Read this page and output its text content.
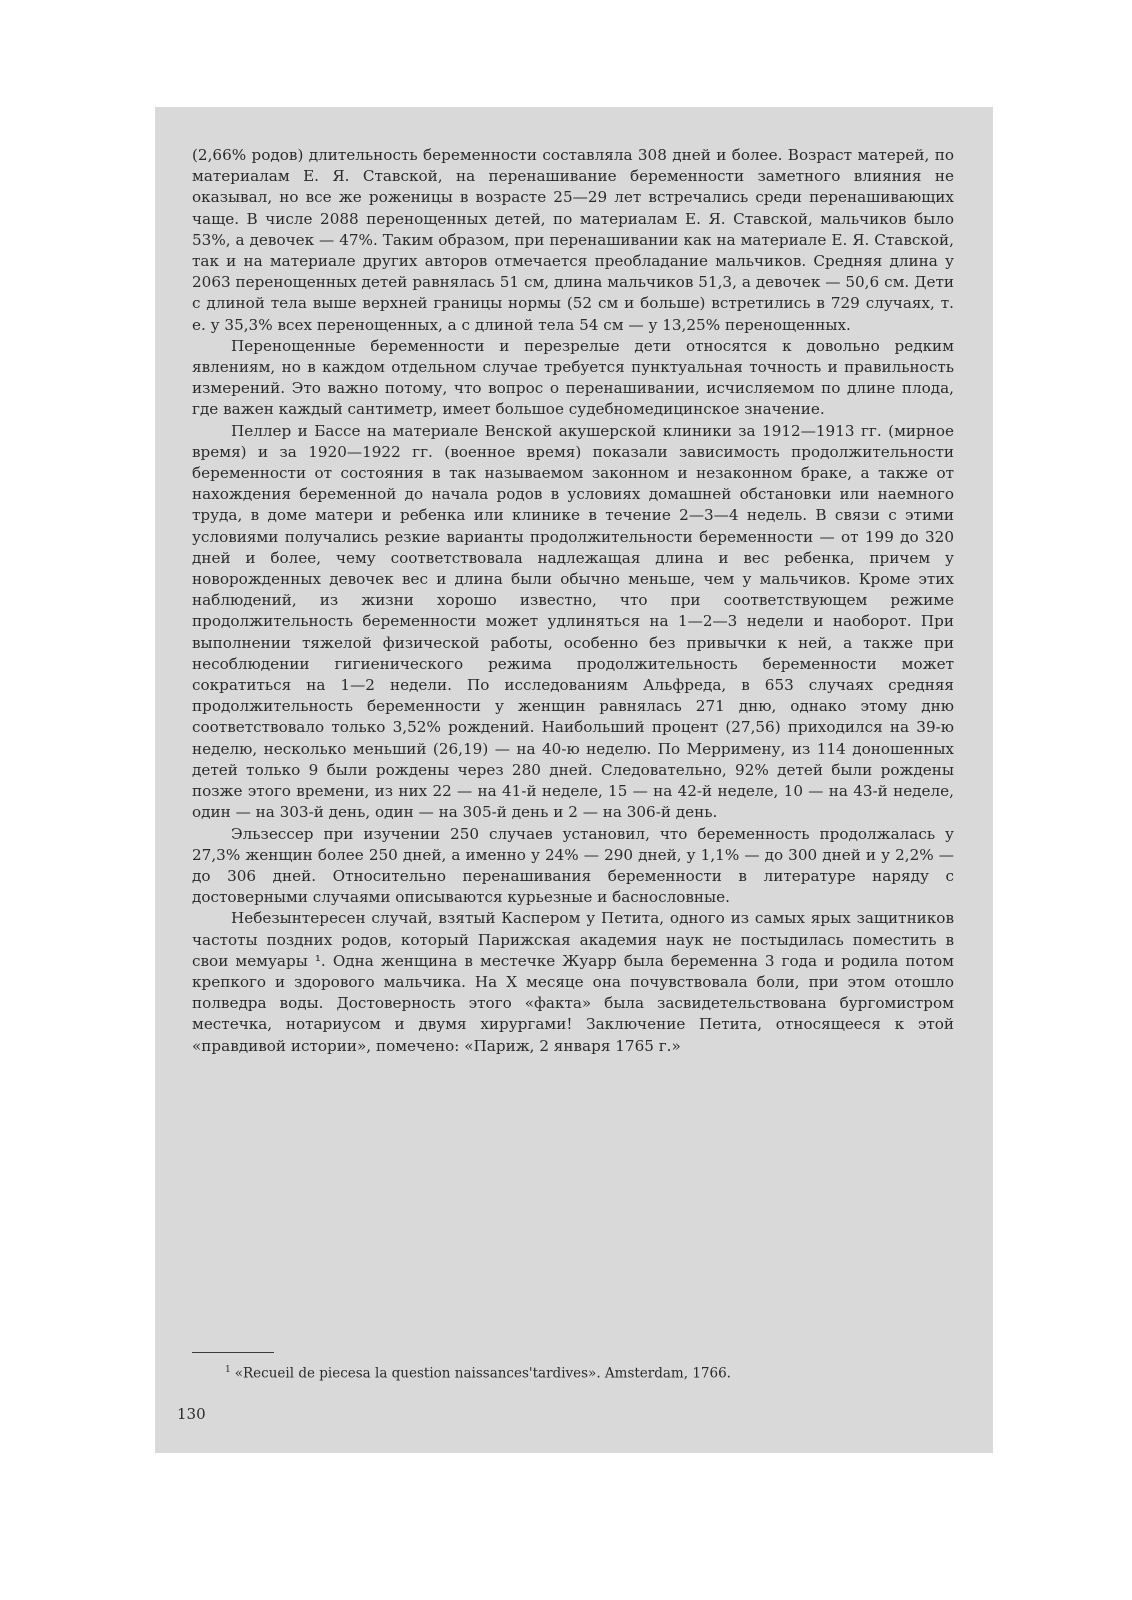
(2,66% родов) длительность беременности составляла 308 дней и более. Возраст матерей, по материалам Е. Я. Ставской, на перенашивание беременности заметного влияния не оказывал, но все же роженицы в возрасте 25—29 лет встречались среди перенашивающих чаще. В числе 2088 перенощенных детей, по материалам Е. Я. Ставской, мальчиков было 53%, а девочек — 47%. Таким образом, при перенашивании как на материале Е. Я. Ставской, так и на материале других авторов отмечается преобладание мальчиков. Средняя длина у 2063 перенощенных детей равнялась 51 см, длина мальчиков 51,3, а девочек — 50,6 см. Дети с длиной тела выше верхней границы нормы (52 см и больше) встретились в 729 случаях, т. е. у 35,3% всех перенощенных, а с длиной тела 54 см — у 13,25% перенощенных.

Перенощенные беременности и перезрелые дети относятся к довольно редким явлениям, но в каждом отдельном случае требуется пунктуальная точность и правильность измерений. Это важно потому, что вопрос о перенашивании, исчисляемом по длине плода, где важен каждый сантиметр, имеет большое судебномедицинское значение.

Пеллер и Бассе на материале Венской акушерской клиники за 1912—1913 гг. (мирное время) и за 1920—1922 гг. (военное время) показали зависимость продолжительности беременности от состояния в так называемом законном и незаконном браке, а также от нахождения беременной до начала родов в условиях домашней обстановки или наемного труда, в доме матери и ребенка или клинике в течение 2—3—4 недель. В связи с этими условиями получались резкие варианты продолжительности беременности — от 199 до 320 дней и более, чему соответствовала надлежащая длина и вес ребенка, причем у новорожденных девочек вес и длина были обычно меньше, чем у мальчиков. Кроме этих наблюдений, из жизни хорошо известно, что при соответствующем режиме продолжительность беременности может удлиняться на 1—2—3 недели и наоборот. При выполнении тяжелой физической работы, особенно без привычки к ней, а также при несоблюдении гигиенического режима продолжительность беременности может сократиться на 1—2 недели. По исследованиям Альфреда, в 653 случаях средняя продолжительность беременности у женщин равнялась 271 дню, однако этому дню соответствовало только 3,52% рождений. Наибольший процент (27,56) приходился на 39-ю неделю, несколько меньший (26,19) — на 40-ю неделю. По Мерримену, из 114 доношенных детей только 9 были рождены через 280 дней. Следовательно, 92% детей были рождены позже этого времени, из них 22 — на 41-й неделе, 15 — на 42-й неделе, 10 — на 43-й неделе, один — на 303-й день, один — на 305-й день и 2 — на 306-й день.

Эльзессер при изучении 250 случаев установил, что беременность продолжалась у 27,3% женщин более 250 дней, а именно у 24% — 290 дней, у 1,1% — до 300 дней и у 2,2% — до 306 дней. Относительно перенашивания беременности в литературе наряду с достоверными случаями описываются курьезные и баснословные.

Небезынтересен случай, взятый Каспером у Петита, одного из самых ярых защитников частоты поздних родов, который Парижская академия наук не постыдилась поместить в свои мемуары ¹. Одна женщина в местечке Жуарр была беременна 3 года и родила потом крепкого и здорового мальчика. На X месяце она почувствовала боли, при этом отошло полведра воды. Достоверность этого «факта» была засвидетельствована бургомистром местечка, нотариусом и двумя хирургами! Заключение Петита, относящееся к этой «правдивой истории», помечено: «Париж, 2 января 1765 г.»

$^1$ «Recueil de piecesa la question naissances'tardives». Amsterdam, 1766.
130
